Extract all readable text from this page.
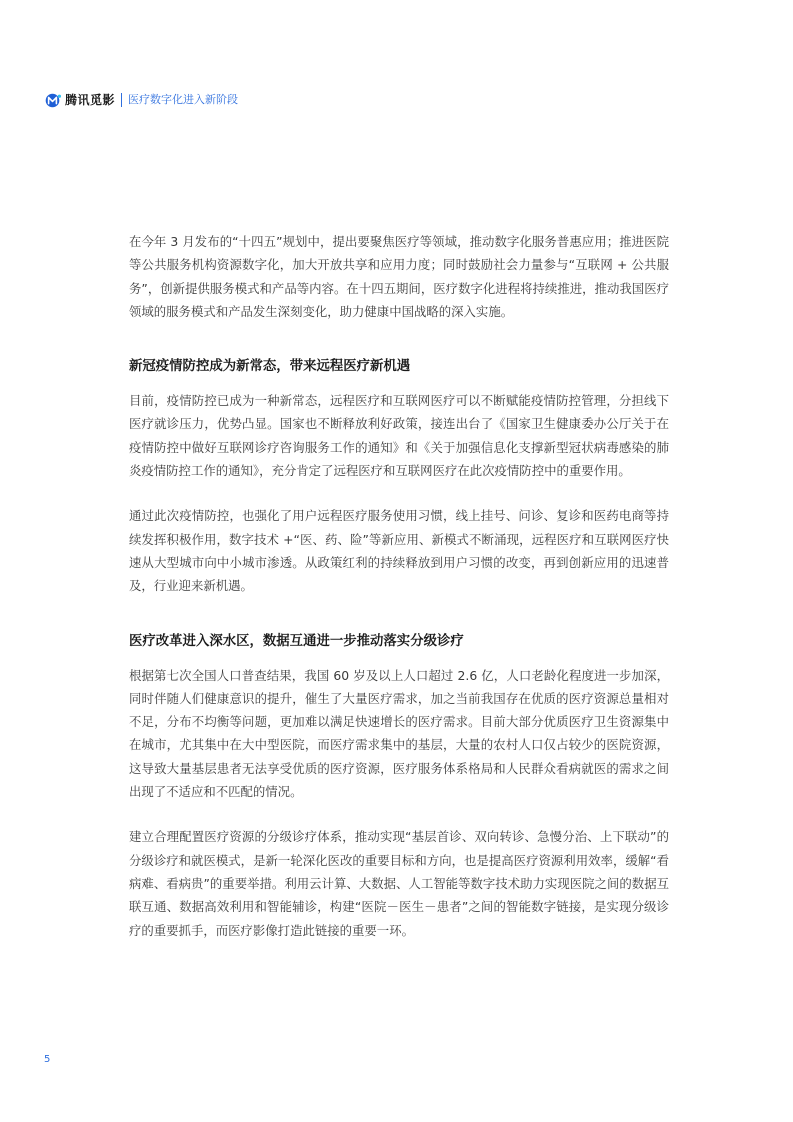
腾讯觅影 医疗数字化进入新阶段

在今年 3 月发布的“十四五”规划中，提出要聚焦医疗等领域，推动数字化服务普惠应用；推进医院等公共服务机构资源数字化，加大开放共享和应用力度；同时鼓励社会力量参与“互联网 + 公共服务”，创新提供服务模式和产品等内容。在十四五期间，医疗数字化进程将持续推进，推动我国医疗领域的服务模式和产品发生深刻变化，助力健康中国战略的深入实施。

新冠疫情防控成为新常态，带来远程医疗新机遇

目前，疫情防控已成为一种新常态，远程医疗和互联网医疗可以不断赋能疫情防控管理，分担线下医疗就诊压力，优势凸显。国家也不断释放利好政策，接连出台了《国家卫生健康委办公厅关于在疫情防控中做好互联网诊疗咨询服务工作的通知》和《关于加强信息化支撑新型冠状病毒感染的肺炎疫情防控工作的通知》，充分肯定了远程医疗和互联网医疗在此次疫情防控中的重要作用。

通过此次疫情防控，也强化了用户远程医疗服务使用习惯，线上挂号、问诊、复诊和医药电商等持续发挥积极作用，数字技术 +“医、药、险”等新应用、新模式不断涌现，远程医疗和互联网医疗快速从大型城市向中小城市渗透。从政策红利的持续释放到用户习惯的改变，再到创新应用的迅速普及，行业迎来新机遇。

医疗改革进入深水区，数据互通进一步推动落实分级诊疗

根据第七次全国人口普查结果，我国 60 岁及以上人口超过 2.6 亿，人口老龄化程度进一步加深，同时伴随人们健康意识的提升，催生了大量医疗需求，加之当前我国存在优质的医疗资源总量相对不足，分布不均衡等问题，更加难以满足快速增长的医疗需求。目前大部分优质医疗卫生资源集中在城市，尤其集中在大中型医院，而医疗需求集中的基层，大量的农村人口仅占较少的医院资源，这导致大量基层患者无法享受优质的医疗资源，医疗服务体系格局和人民群众看病就医的需求之间出现了不适应和不匹配的情况。

建立合理配置医疗资源的分级诊疗体系，推动实现“基层首诊、双向转诊、急慢分治、上下联动”的分级诊疗和就医模式，是新一轮深化医改的重要目标和方向，也是提高医疗资源利用效率，缓解“看病难、看病贵”的重要举措。利用云计算、大数据、人工智能等数字技术助力实现医院之间的数据互联互通、数据高效利用和智能辅诊，构建“医院－医生－患者”之间的智能数字链接，是实现分级诊疗的重要抓手，而医疗影像打造此链接的重要一环。

5
